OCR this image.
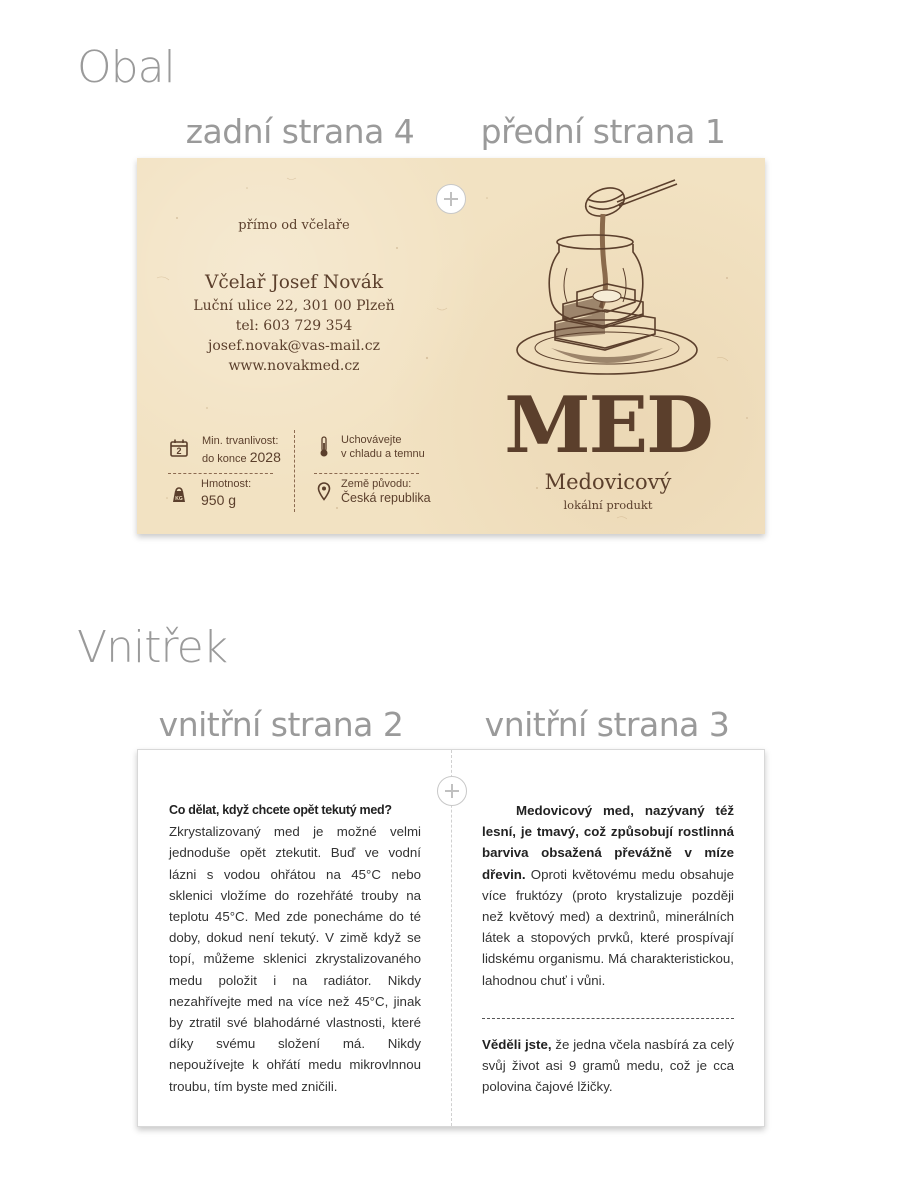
Obal
zadní strana 4	přední strana 1
přímo od včelaře
Včelař Josef Novák
Luční ulice 22, 301 00 Plzeň
tel: 603 729 354
josef.novak@vas-mail.cz
www.novakmed.cz
2
Min. trvanlivost:
do konce 2028
KG
Hmotnost:
950 g
Uchovávejte
v chladu a temnu
Země původu:
Česká republika
MED
Medovicový
lokální produkt
Vnitřek
vnitřní strana 2	vnitřní strana 3
Co dělat, když chcete opět tekutý med?
Zkrystalizovaný med je možné velmi jednoduše opět ztekutit. Buď ve vodní lázni s vodou ohřátou na 45°C nebo sklenici vložíme do rozehřáté trouby na teplotu 45°C. Med zde ponecháme do té doby, dokud není tekutý. V zimě když se topí, můžeme sklenici zkrystalizovaného medu položit i na radiátor. Nikdy nezahřívejte med na více než 45°C, jinak by ztratil své blahodárné vlastnosti, které díky svému složení má. Nikdy nepoužívejte k ohřátí medu mikrovlnnou troubu, tím byste med zničili.
Medovicový med, nazývaný též lesní, je tmavý, což způsobují rostlinná barviva obsažená převážně v míze dřevin. Oproti květovému medu obsahuje více fruktózy (proto krystalizuje později než květový med) a dextrinů, minerálních látek a stopových prvků, které prospívají lidskému organismu. Má charakteristickou, lahodnou chuť i vůni.
Věděli jste, že jedna včela nasbírá za celý svůj život asi 9 gramů medu, což je cca polovina čajové lžičky.
